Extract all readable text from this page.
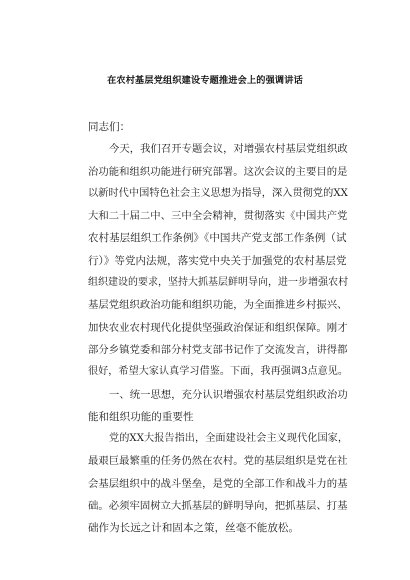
在农村基层党组织建设专题推进会上的强调讲话
同志们：
今天，我们召开专题会议，对增强农村基层党组织政
治功能和组织功能进行研究部署。这次会议的主要目的是
以新时代中国特色社会主义思想为指导，深入贯彻党的XX
大和二十届二中、三中全会精神，贯彻落实《中国共产党
农村基层组织工作条例》《中国共产党支部工作条例（试
行）》等党内法规，落实党中央关于加强党的农村基层党
组织建设的要求，坚持大抓基层鲜明导向，进一步增强农村
基层党组织政治功能和组织功能，为全面推进乡村振兴、
加快农业农村现代化提供坚强政治保证和组织保障。刚才
部分乡镇党委和部分村党支部书记作了交流发言，讲得都
很好，希望大家认真学习借鉴。下面，我再强调3点意见。
一、统一思想，充分认识增强农村基层党组织政治功
能和组织功能的重要性
党的XX大报告指出，全面建设社会主义现代化国家，
最艰巨最繁重的任务仍然在农村。党的基层组织是党在社
会基层组织中的战斗堡垒，是党的全部工作和战斗力的基
础。必须牢固树立大抓基层的鲜明导向，把抓基层、打基
础作为长远之计和固本之策，丝毫不能放松。
